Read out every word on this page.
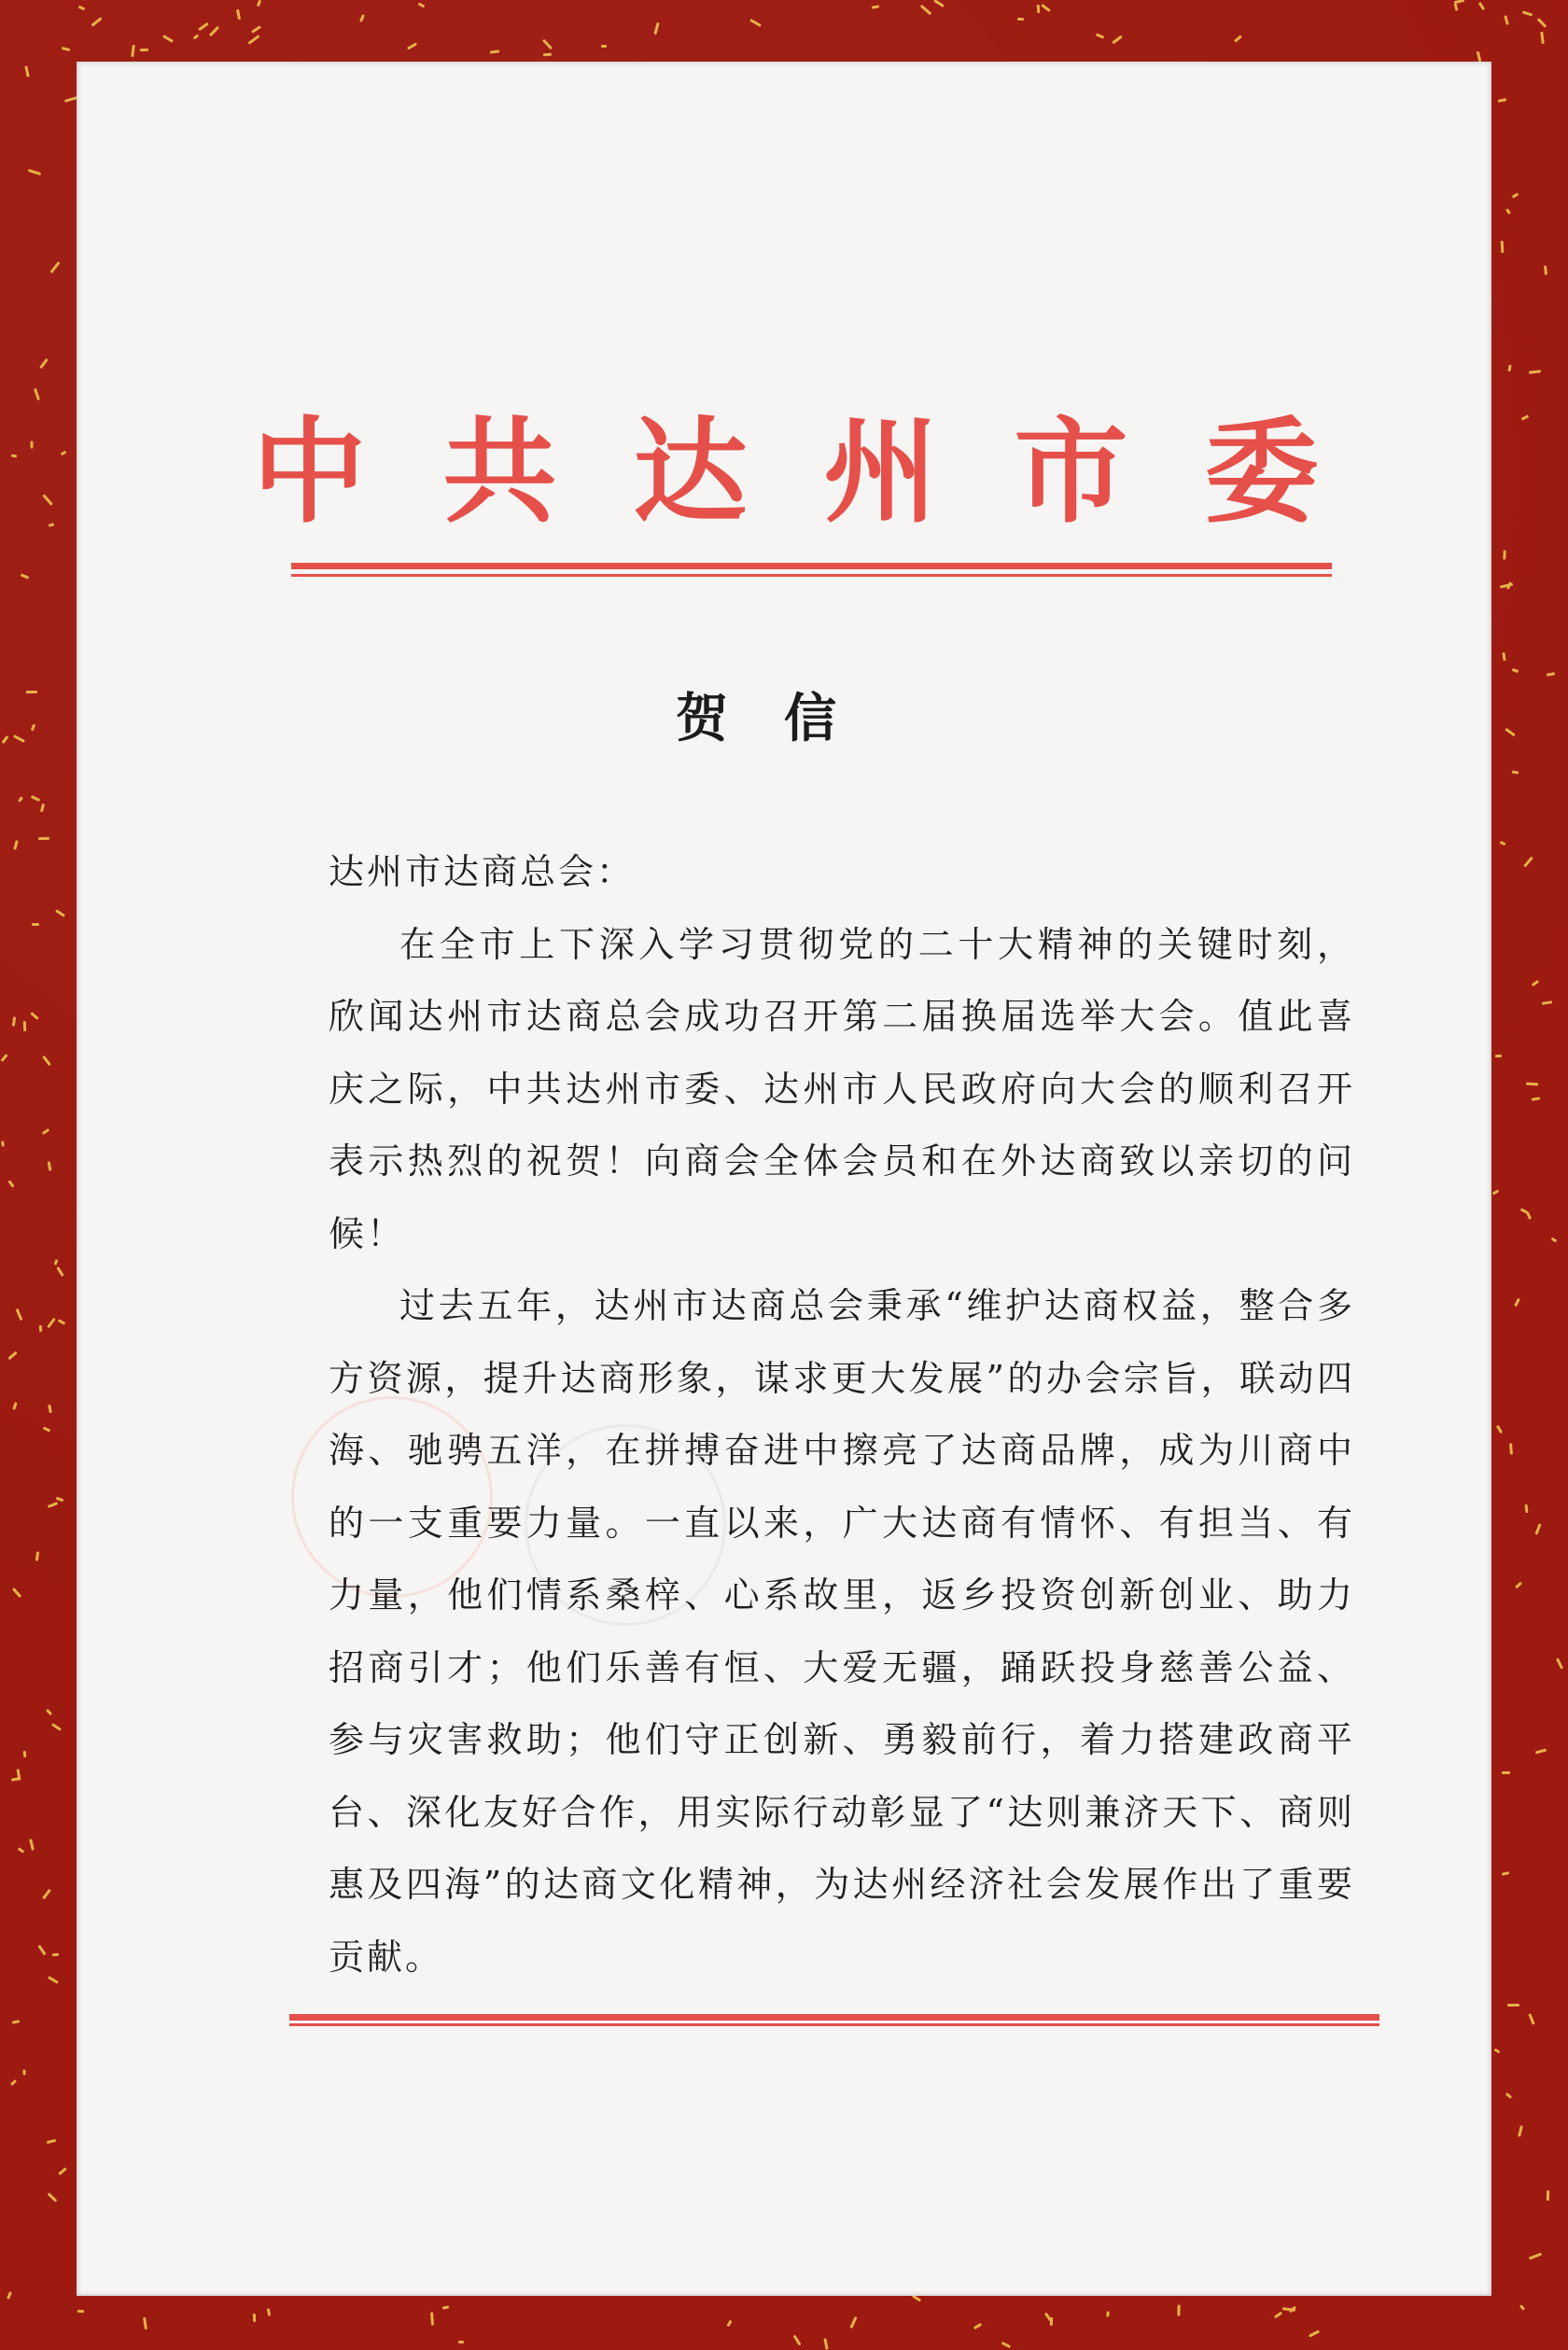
中共达州市委
贺信

达州市达商总会：

在全市上下深入学习贯彻党的二十大精神的关键时刻，欣闻达州市达商总会成功召开第二届换届选举大会。值此喜庆之际，中共达州市委、达州市人民政府向大会的顺利召开表示热烈的祝贺！向商会全体会员和在外达商致以亲切的问候！

过去五年，达州市达商总会秉承“维护达商权益，整合多方资源，提升达商形象，谋求更大发展”的办会宗旨，联动四海、驰骋五洋，在拼搏奋进中擦亮了达商品牌，成为川商中的一支重要力量。一直以来，广大达商有情怀、有担当、有力量，他们情系桑梓、心系故里，返乡投资创新创业、助力招商引才；他们乐善有恒、大爱无疆，踊跃投身慈善公益、参与灾害救助；他们守正创新、勇毅前行，着力搭建政商平台、深化友好合作，用实际行动彰显了“达则兼济天下、商则惠及四海”的达商文化精神，为达州经济社会发展作出了重要贡献。
